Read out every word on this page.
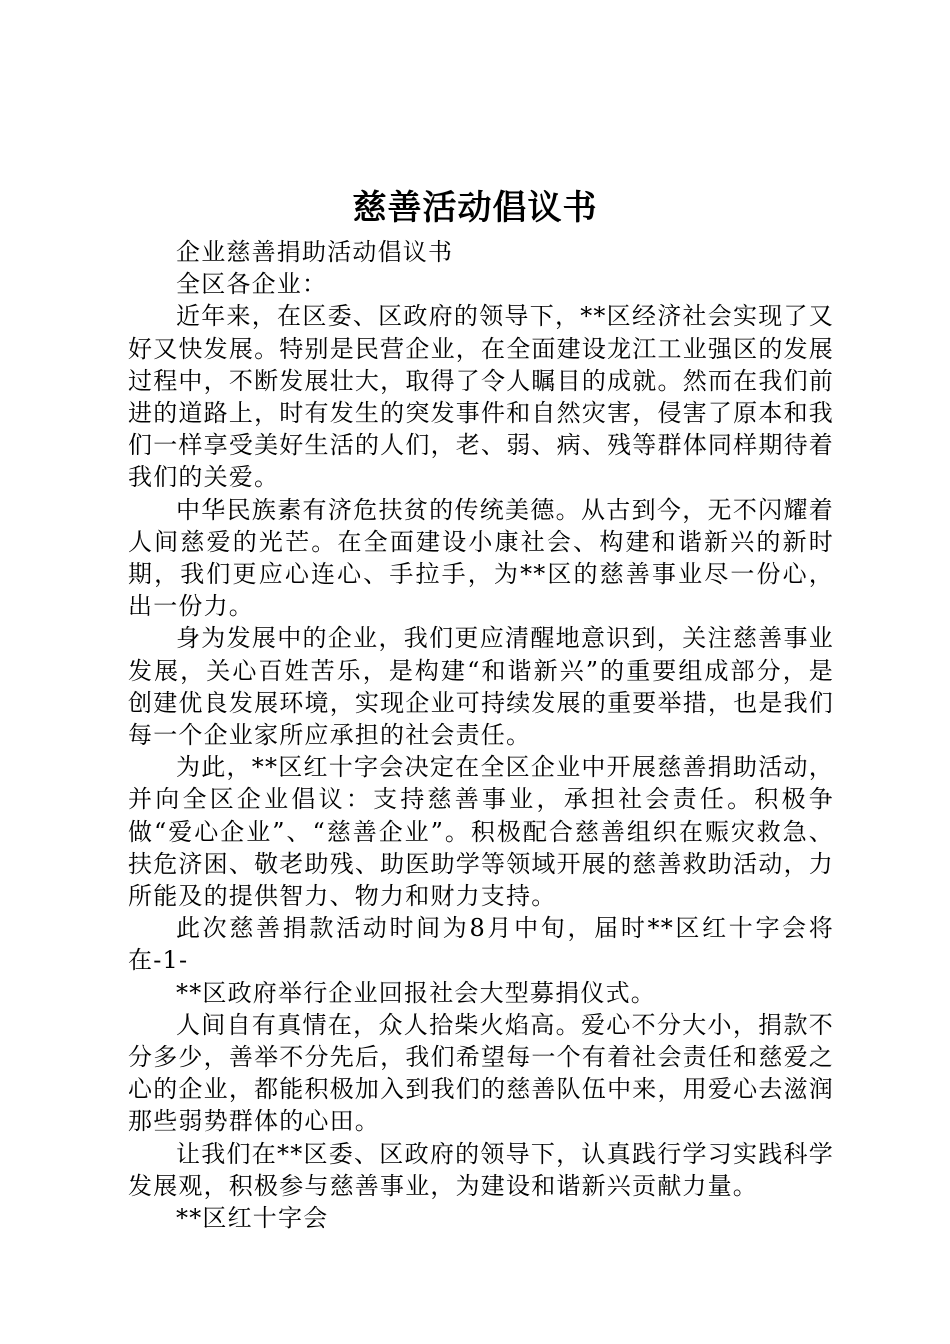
慈善活动倡议书

企业慈善捐助活动倡议书

全区各企业：

近年来，在区委、区政府的领导下，**区经济社会实现了又好又快发展。特别是民营企业，在全面建设龙江工业强区的发展过程中，不断发展壮大，取得了令人瞩目的成就。然而在我们前进的道路上，时有发生的突发事件和自然灾害，侵害了原本和我们一样享受美好生活的人们，老、弱、病、残等群体同样期待着我们的关爱。

中华民族素有济危扶贫的传统美德。从古到今，无不闪耀着人间慈爱的光芒。在全面建设小康社会、构建和谐新兴的新时期，我们更应心连心、手拉手，为**区的慈善事业尽一份心，出一份力。

身为发展中的企业，我们更应清醒地意识到，关注慈善事业发展，关心百姓苦乐，是构建“和谐新兴”的重要组成部分，是创建优良发展环境，实现企业可持续发展的重要举措，也是我们每一个企业家所应承担的社会责任。

为此，**区红十字会决定在全区企业中开展慈善捐助活动，并向全区企业倡议：支持慈善事业，承担社会责任。积极争做“爱心企业”、“慈善企业”。积极配合慈善组织在赈灾救急、扶危济困、敬老助残、助医助学等领域开展的慈善救助活动，力所能及的提供智力、物力和财力支持。

此次慈善捐款活动时间为8月中旬，届时**区红十字会将在-1-

**区政府举行企业回报社会大型募捐仪式。

人间自有真情在，众人拾柴火焰高。爱心不分大小，捐款不分多少，善举不分先后，我们希望每一个有着社会责任和慈爱之心的企业，都能积极加入到我们的慈善队伍中来，用爱心去滋润那些弱势群体的心田。

让我们在**区委、区政府的领导下，认真践行学习实践科学发展观，积极参与慈善事业，为建设和谐新兴贡献力量。

**区红十字会
